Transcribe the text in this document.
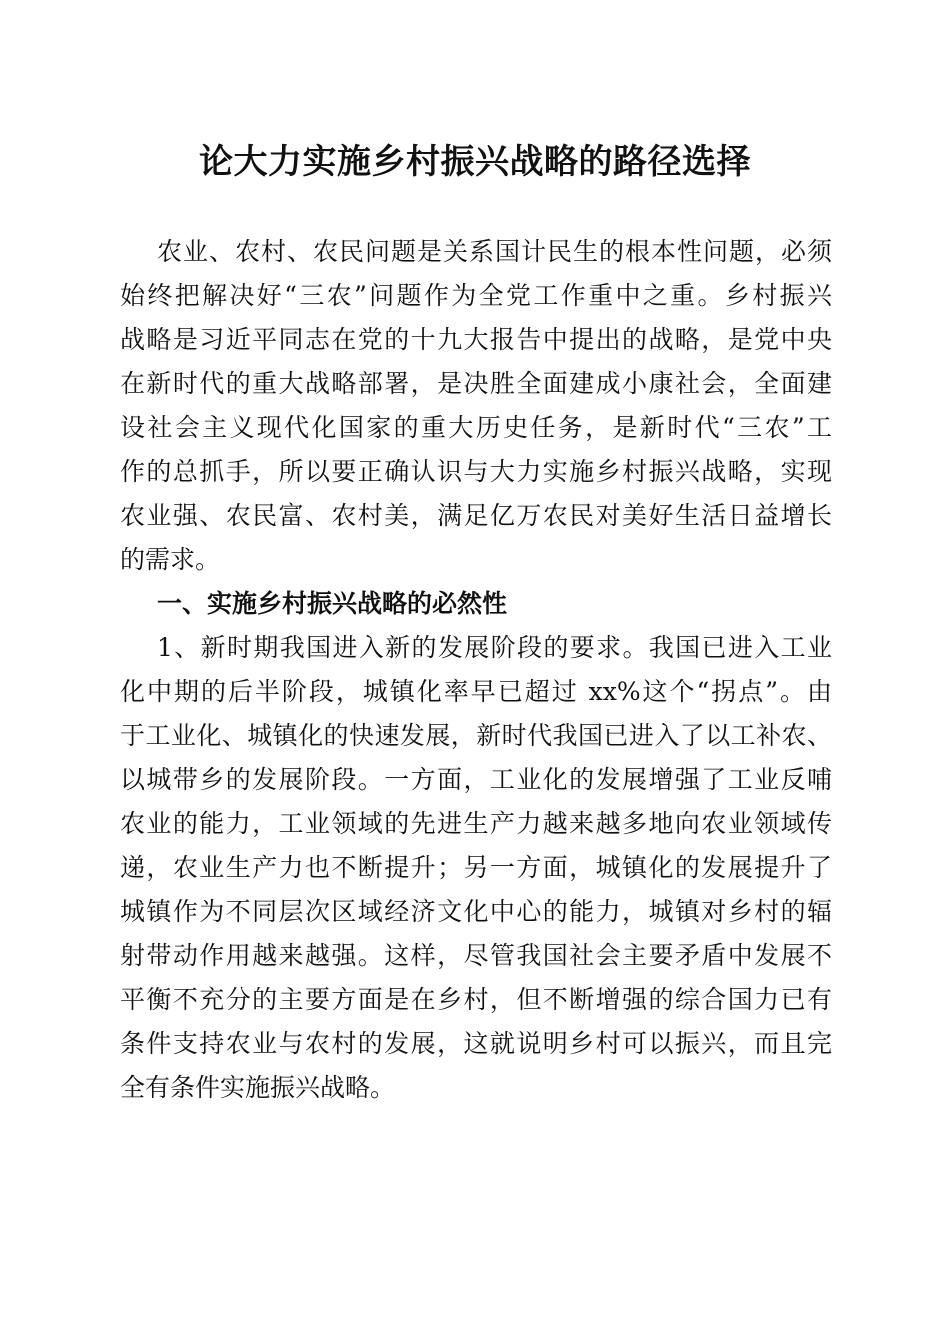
论大力实施乡村振兴战略的路径选择
农业、农村、农民问题是关系国计民生的根本性问题，必须
始终把解决好“三农”问题作为全党工作重中之重。乡村振兴
战略是习近平同志在党的十九大报告中提出的战略，是党中央
在新时代的重大战略部署，是决胜全面建成小康社会，全面建
设社会主义现代化国家的重大历史任务，是新时代“三农”工
作的总抓手，所以要正确认识与大力实施乡村振兴战略，实现
农业强、农民富、农村美，满足亿万农民对美好生活日益增长
的需求。
一、实施乡村振兴战略的必然性
1、新时期我国进入新的发展阶段的要求。我国已进入工业
化中期的后半阶段，城镇化率早已超过 xx%这个“拐点”。由
于工业化、城镇化的快速发展，新时代我国已进入了以工补农、
以城带乡的发展阶段。一方面，工业化的发展增强了工业反哺
农业的能力，工业领域的先进生产力越来越多地向农业领域传
递，农业生产力也不断提升；另一方面，城镇化的发展提升了
城镇作为不同层次区域经济文化中心的能力，城镇对乡村的辐
射带动作用越来越强。这样，尽管我国社会主要矛盾中发展不
平衡不充分的主要方面是在乡村，但不断增强的综合国力已有
条件支持农业与农村的发展，这就说明乡村可以振兴，而且完
全有条件实施振兴战略。
